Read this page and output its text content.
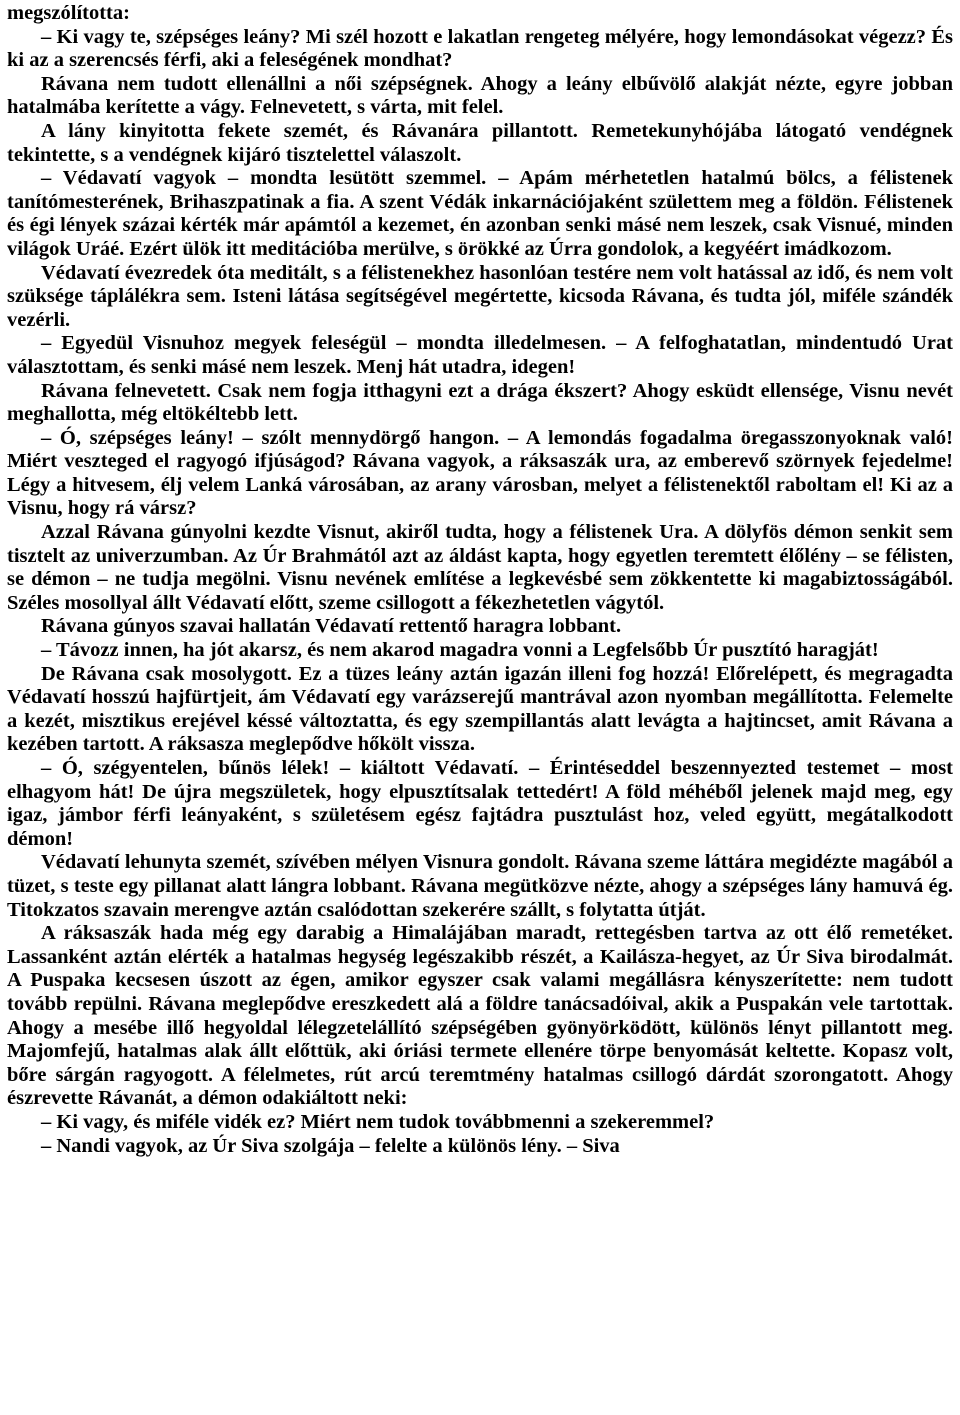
megszólította:

– Ki vagy te, szépséges leány? Mi szél hozott e lakatlan rengeteg mélyére, hogy lemondásokat végezz? És ki az a szerencsés férfi, aki a feleségének mondhat?

Rávana nem tudott ellenállni a női szépségnek. Ahogy a leány elbűvölő alakját nézte, egyre jobban hatalmába kerítette a vágy. Felnevetett, s várta, mit felel.

A lány kinyitotta fekete szemét, és Rávanára pillantott. Remetekunyhójába látogató vendégnek tekintette, s a vendégnek kijáró tisztelettel válaszolt.

– Védavatí vagyok – mondta lesütött szemmel. – Apám mérhetetlen hatalmú bölcs, a félistenek tanítómesterének, Brihaszpatinak a fia. A szent Védák inkarnációjaként születtem meg a földön. Félistenek és égi lények százai kérték már apámtól a kezemet, én azonban senki másé nem leszek, csak Visnué, minden világok Uráé. Ezért ülök itt meditációba merülve, s örökké az Úrra gondolok, a kegyéért imádkozom.

Védavatí évezredek óta meditált, s a félistenekhez hasonlóan testére nem volt hatással az idő, és nem volt szüksége táplálékra sem. Isteni látása segítségével megértette, kicsoda Rávana, és tudta jól, miféle szándék vezérli.

– Egyedül Visnuhoz megyek feleségül – mondta illedelmesen. – A felfoghatatlan, mindentudó Urat választottam, és senki másé nem leszek. Menj hát utadra, idegen!

Rávana felnevetett. Csak nem fogja itthagyni ezt a drága ékszert? Ahogy esküdt ellensége, Visnu nevét meghallotta, még eltökéltebb lett.

– Ó, szépséges leány! – szólt mennydörgő hangon. – A lemondás fogadalma öregasszonyoknak való! Miért veszteged el ragyogó ifjúságod? Rávana vagyok, a ráksaszák ura, az emberevő szörnyek fejedelme! Légy a hitvesem, élj velem Lanká városában, az arany városban, melyet a félistenektől raboltam el! Ki az a Visnu, hogy rá vársz?

Azzal Rávana gúnyolni kezdte Visnut, akiről tudta, hogy a félistenek Ura. A dölyfös démon senkit sem tisztelt az univerzumban. Az Úr Brahmától azt az áldást kapta, hogy egyetlen teremtett élőlény – se félisten, se démon – ne tudja megölni. Visnu nevének említése a legkevésbé sem zökkentette ki magabiztosságából. Széles mosollyal állt Védavatí előtt, szeme csillogott a fékezhetetlen vágytól.

Rávana gúnyos szavai hallatán Védavatí rettentő haragra lobbant.

– Távozz innen, ha jót akarsz, és nem akarod magadra vonni a Legfelsőbb Úr pusztító haragját!

De Rávana csak mosolygott. Ez a tüzes leány aztán igazán illeni fog hozzá! Előrelépett, és megragadta Védavatí hosszú hajfürtjeit, ám Védavatí egy varázserejű mantrával azon nyomban megállította. Felemelte a kezét, misztikus erejével késsé változtatta, és egy szempillantás alatt levágta a hajtincset, amit Rávana a kezében tartott. A ráksasza meglepődve hőkölt vissza.

– Ó, szégyentelen, bűnös lélek! – kiáltott Védavatí. – Érintéseddel beszennyezted testemet – most elhagyom hát! De újra megszületek, hogy elpusztítsalak tettedért! A föld méhéből jelenek majd meg, egy igaz, jámbor férfi leányaként, s születésem egész fajtádra pusztulást hoz, veled együtt, megátalkodott démon!

Védavatí lehunyta szemét, szívében mélyen Visnura gondolt. Rávana szeme láttára megidézte magából a tüzet, s teste egy pillanat alatt lángra lobbant. Rávana megütközve nézte, ahogy a szépséges lány hamuvá ég. Titokzatos szavain merengve aztán csalódottan szekerére szállt, s folytatta útját.

A ráksaszák hada még egy darabig a Himalájában maradt, rettegésben tartva az ott élő remetéket. Lassanként aztán elérték a hatalmas hegység legészakibb részét, a Kailásza-hegyet, az Úr Siva birodalmát. A Puspaka kecsesen úszott az égen, amikor egyszer csak valami megállásra kényszerítette: nem tudott tovább repülni. Rávana meglepődve ereszkedett alá a földre tanácsadóival, akik a Puspakán vele tartottak. Ahogy a mesébe illő hegyoldal lélegzetelállító szépségében gyönyörködött, különös lényt pillantott meg. Majomfejű, hatalmas alak állt előttük, aki óriási termete ellenére törpe benyomását keltette. Kopasz volt, bőre sárgán ragyogott. A félelmetes, rút arcú teremtmény hatalmas csillogó dárdát szorongatott. Ahogy észrevette Rávanát, a démon odakiáltott neki:

– Ki vagy, és miféle vidék ez? Miért nem tudok továbbmenni a szekeremmel?

– Nandi vagyok, az Úr Siva szolgája – felelte a különös lény. – Siva
